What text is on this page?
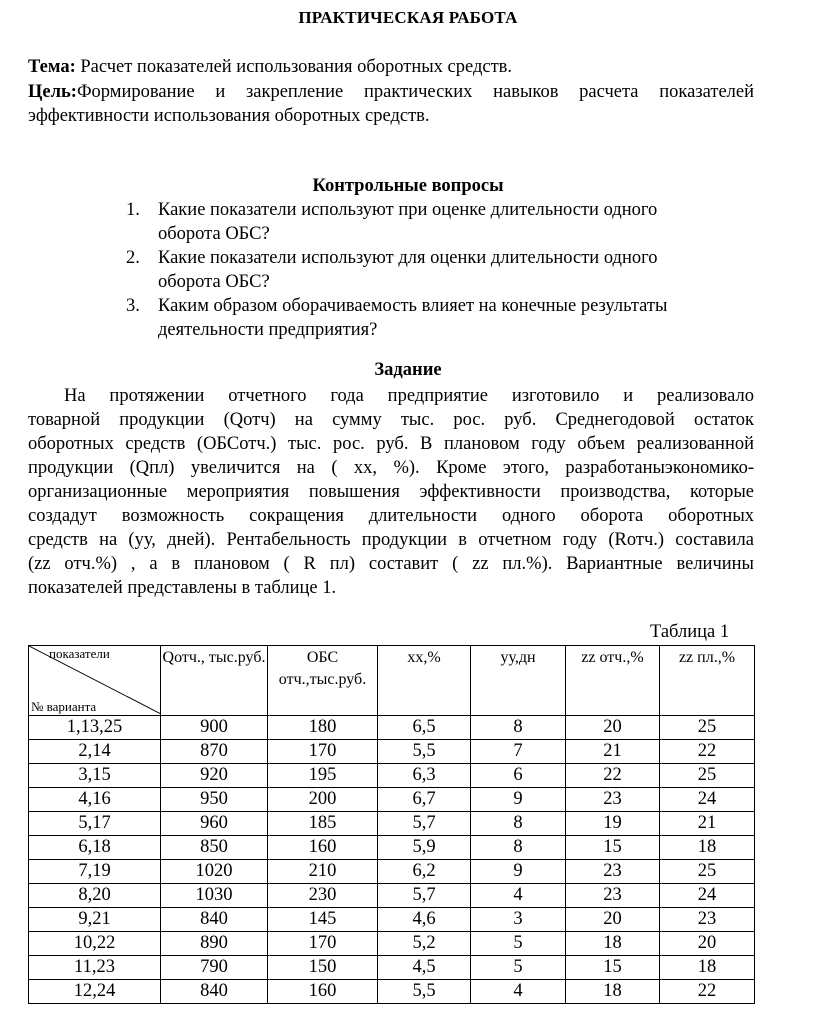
ПРАКТИЧЕСКАЯ РАБОТА
Тема: Расчет показателей использования оборотных средств.
Цель:Формирование и закрепление практических навыков расчета показателей
эффективности использования оборотных средств.
Контрольные вопросы
1. Какие показатели используют при оценке длительности одного
оборота ОБС?
2. Какие показатели используют для оценки длительности одного
оборота ОБС?
3. Каким образом оборачиваемость влияет на конечные результаты
деятельности предприятия?
Задание
На протяжении отчетного года предприятие изготовило и реализовало
товарной продукции (Qотч) на сумму тыс. рос. руб. Среднегодовой остаток
оборотных средств (ОБСотч.) тыс. рос. руб. В плановом году объем реализованной
продукции (Qпл) увеличится на ( хх, %). Кроме этого, разработаныэкономико-
организационные мероприятия повышения эффективности производства, которые
создадут возможность сокращения длительности одного оборота оборотных
средств на (уу, дней). Рентабельность продукции в отчетном году (Rотч.) составила
(zz отч.%) , а в плановом ( R пл) составит ( zz пл.%). Вариантные величины
показателей представлены в таблице 1.
Таблица 1
показатели
№ варианта	Qотч., тыс.руб.	ОБС отч.,тыс.руб.	хх,%	уу,дн	zz отч.,%	zz пл.,%
1,13,25	900	180	6,5	8	20	25
2,14	870	170	5,5	7	21	22
3,15	920	195	6,3	6	22	25
4,16	950	200	6,7	9	23	24
5,17	960	185	5,7	8	19	21
6,18	850	160	5,9	8	15	18
7,19	1020	210	6,2	9	23	25
8,20	1030	230	5,7	4	23	24
9,21	840	145	4,6	3	20	23
10,22	890	170	5,2	5	18	20
11,23	790	150	4,5	5	15	18
12,24	840	160	5,5	4	18	22
